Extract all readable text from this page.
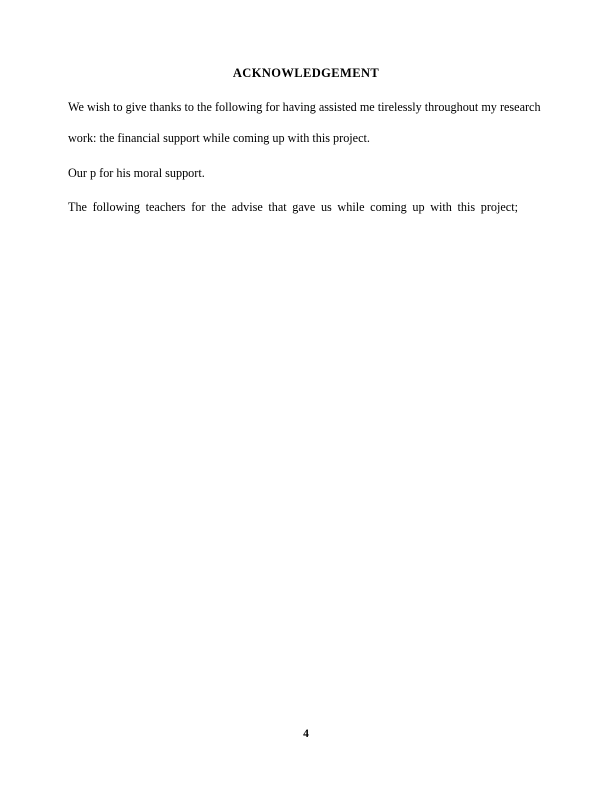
ACKNOWLEDGEMENT
We wish to give thanks to the following for having assisted me tirelessly throughout my research work: the financial support while coming up with this project.
Our p for his moral support.
The following teachers for the advise that gave us while coming up with this project;
4
